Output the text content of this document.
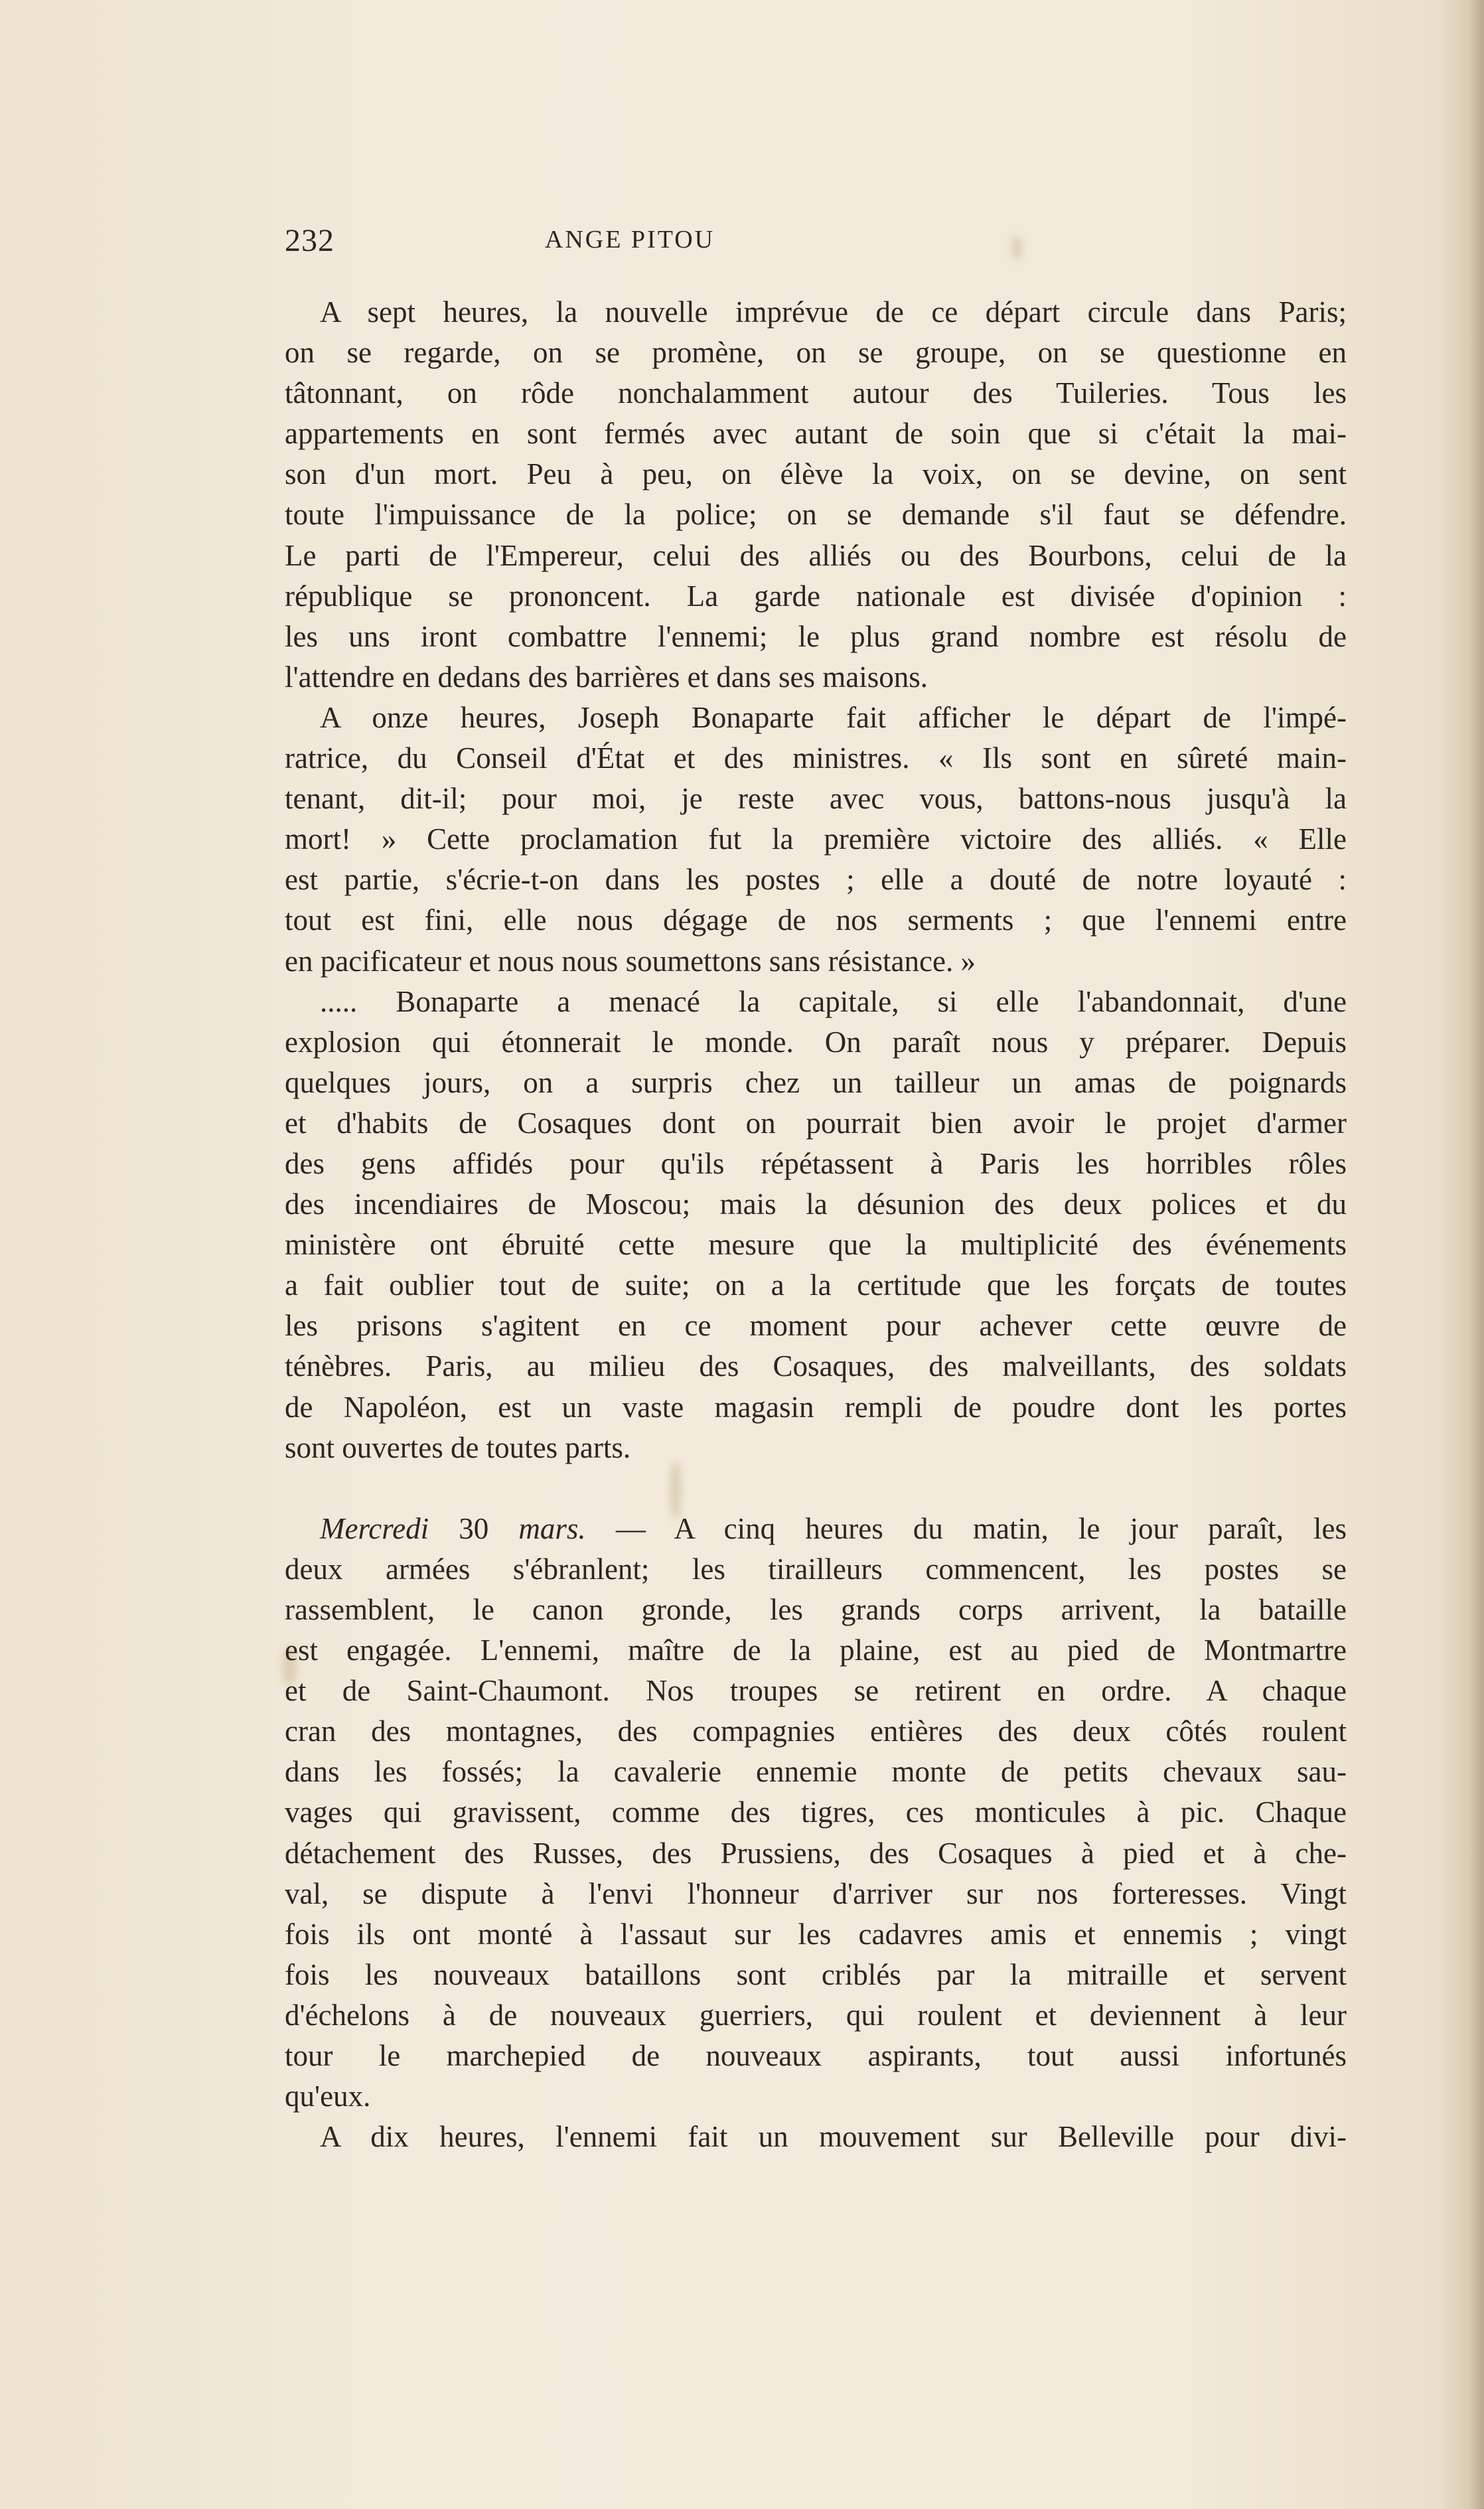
232	ANGE PITOU
A sept heures, la nouvelle imprévue de ce départ circule dans Paris;
on se regarde, on se promène, on se groupe, on se questionne en
tâtonnant, on rôde nonchalamment autour des Tuileries. Tous les
appartements en sont fermés avec autant de soin que si c'était la mai-
son d'un mort. Peu à peu, on élève la voix, on se devine, on sent
toute l'impuissance de la police; on se demande s'il faut se défendre.
Le parti de l'Empereur, celui des alliés ou des Bourbons, celui de la
république se prononcent. La garde nationale est divisée d'opinion :
les uns iront combattre l'ennemi; le plus grand nombre est résolu de
l'attendre en dedans des barrières et dans ses maisons.
A onze heures, Joseph Bonaparte fait afficher le départ de l'impé-
ratrice, du Conseil d'État et des ministres. « Ils sont en sûreté main-
tenant, dit-il; pour moi, je reste avec vous, battons-nous jusqu'à la
mort! » Cette proclamation fut la première victoire des alliés. « Elle
est partie, s'écrie-t-on dans les postes ; elle a douté de notre loyauté :
tout est fini, elle nous dégage de nos serments ; que l'ennemi entre
en pacificateur et nous nous soumettons sans résistance. »
..... Bonaparte a menacé la capitale, si elle l'abandonnait, d'une
explosion qui étonnerait le monde. On paraît nous y préparer. Depuis
quelques jours, on a surpris chez un tailleur un amas de poignards
et d'habits de Cosaques dont on pourrait bien avoir le projet d'armer
des gens affidés pour qu'ils répétassent à Paris les horribles rôles
des incendiaires de Moscou; mais la désunion des deux polices et du
ministère ont ébruité cette mesure que la multiplicité des événements
a fait oublier tout de suite; on a la certitude que les forçats de toutes
les prisons s'agitent en ce moment pour achever cette œuvre de
ténèbres. Paris, au milieu des Cosaques, des malveillants, des soldats
de Napoléon, est un vaste magasin rempli de poudre dont les portes
sont ouvertes de toutes parts.
Mercredi 30 mars. — A cinq heures du matin, le jour paraît, les
deux armées s'ébranlent; les tirailleurs commencent, les postes se
rassemblent, le canon gronde, les grands corps arrivent, la bataille
est engagée. L'ennemi, maître de la plaine, est au pied de Montmartre
et de Saint-Chaumont. Nos troupes se retirent en ordre. A chaque
cran des montagnes, des compagnies entières des deux côtés roulent
dans les fossés; la cavalerie ennemie monte de petits chevaux sau-
vages qui gravissent, comme des tigres, ces monticules à pic. Chaque
détachement des Russes, des Prussiens, des Cosaques à pied et à che-
val, se dispute à l'envi l'honneur d'arriver sur nos forteresses. Vingt
fois ils ont monté à l'assaut sur les cadavres amis et ennemis ; vingt
fois les nouveaux bataillons sont criblés par la mitraille et servent
d'échelons à de nouveaux guerriers, qui roulent et deviennent à leur
tour le marchepied de nouveaux aspirants, tout aussi infortunés
qu'eux.
A dix heures, l'ennemi fait un mouvement sur Belleville pour divi-
